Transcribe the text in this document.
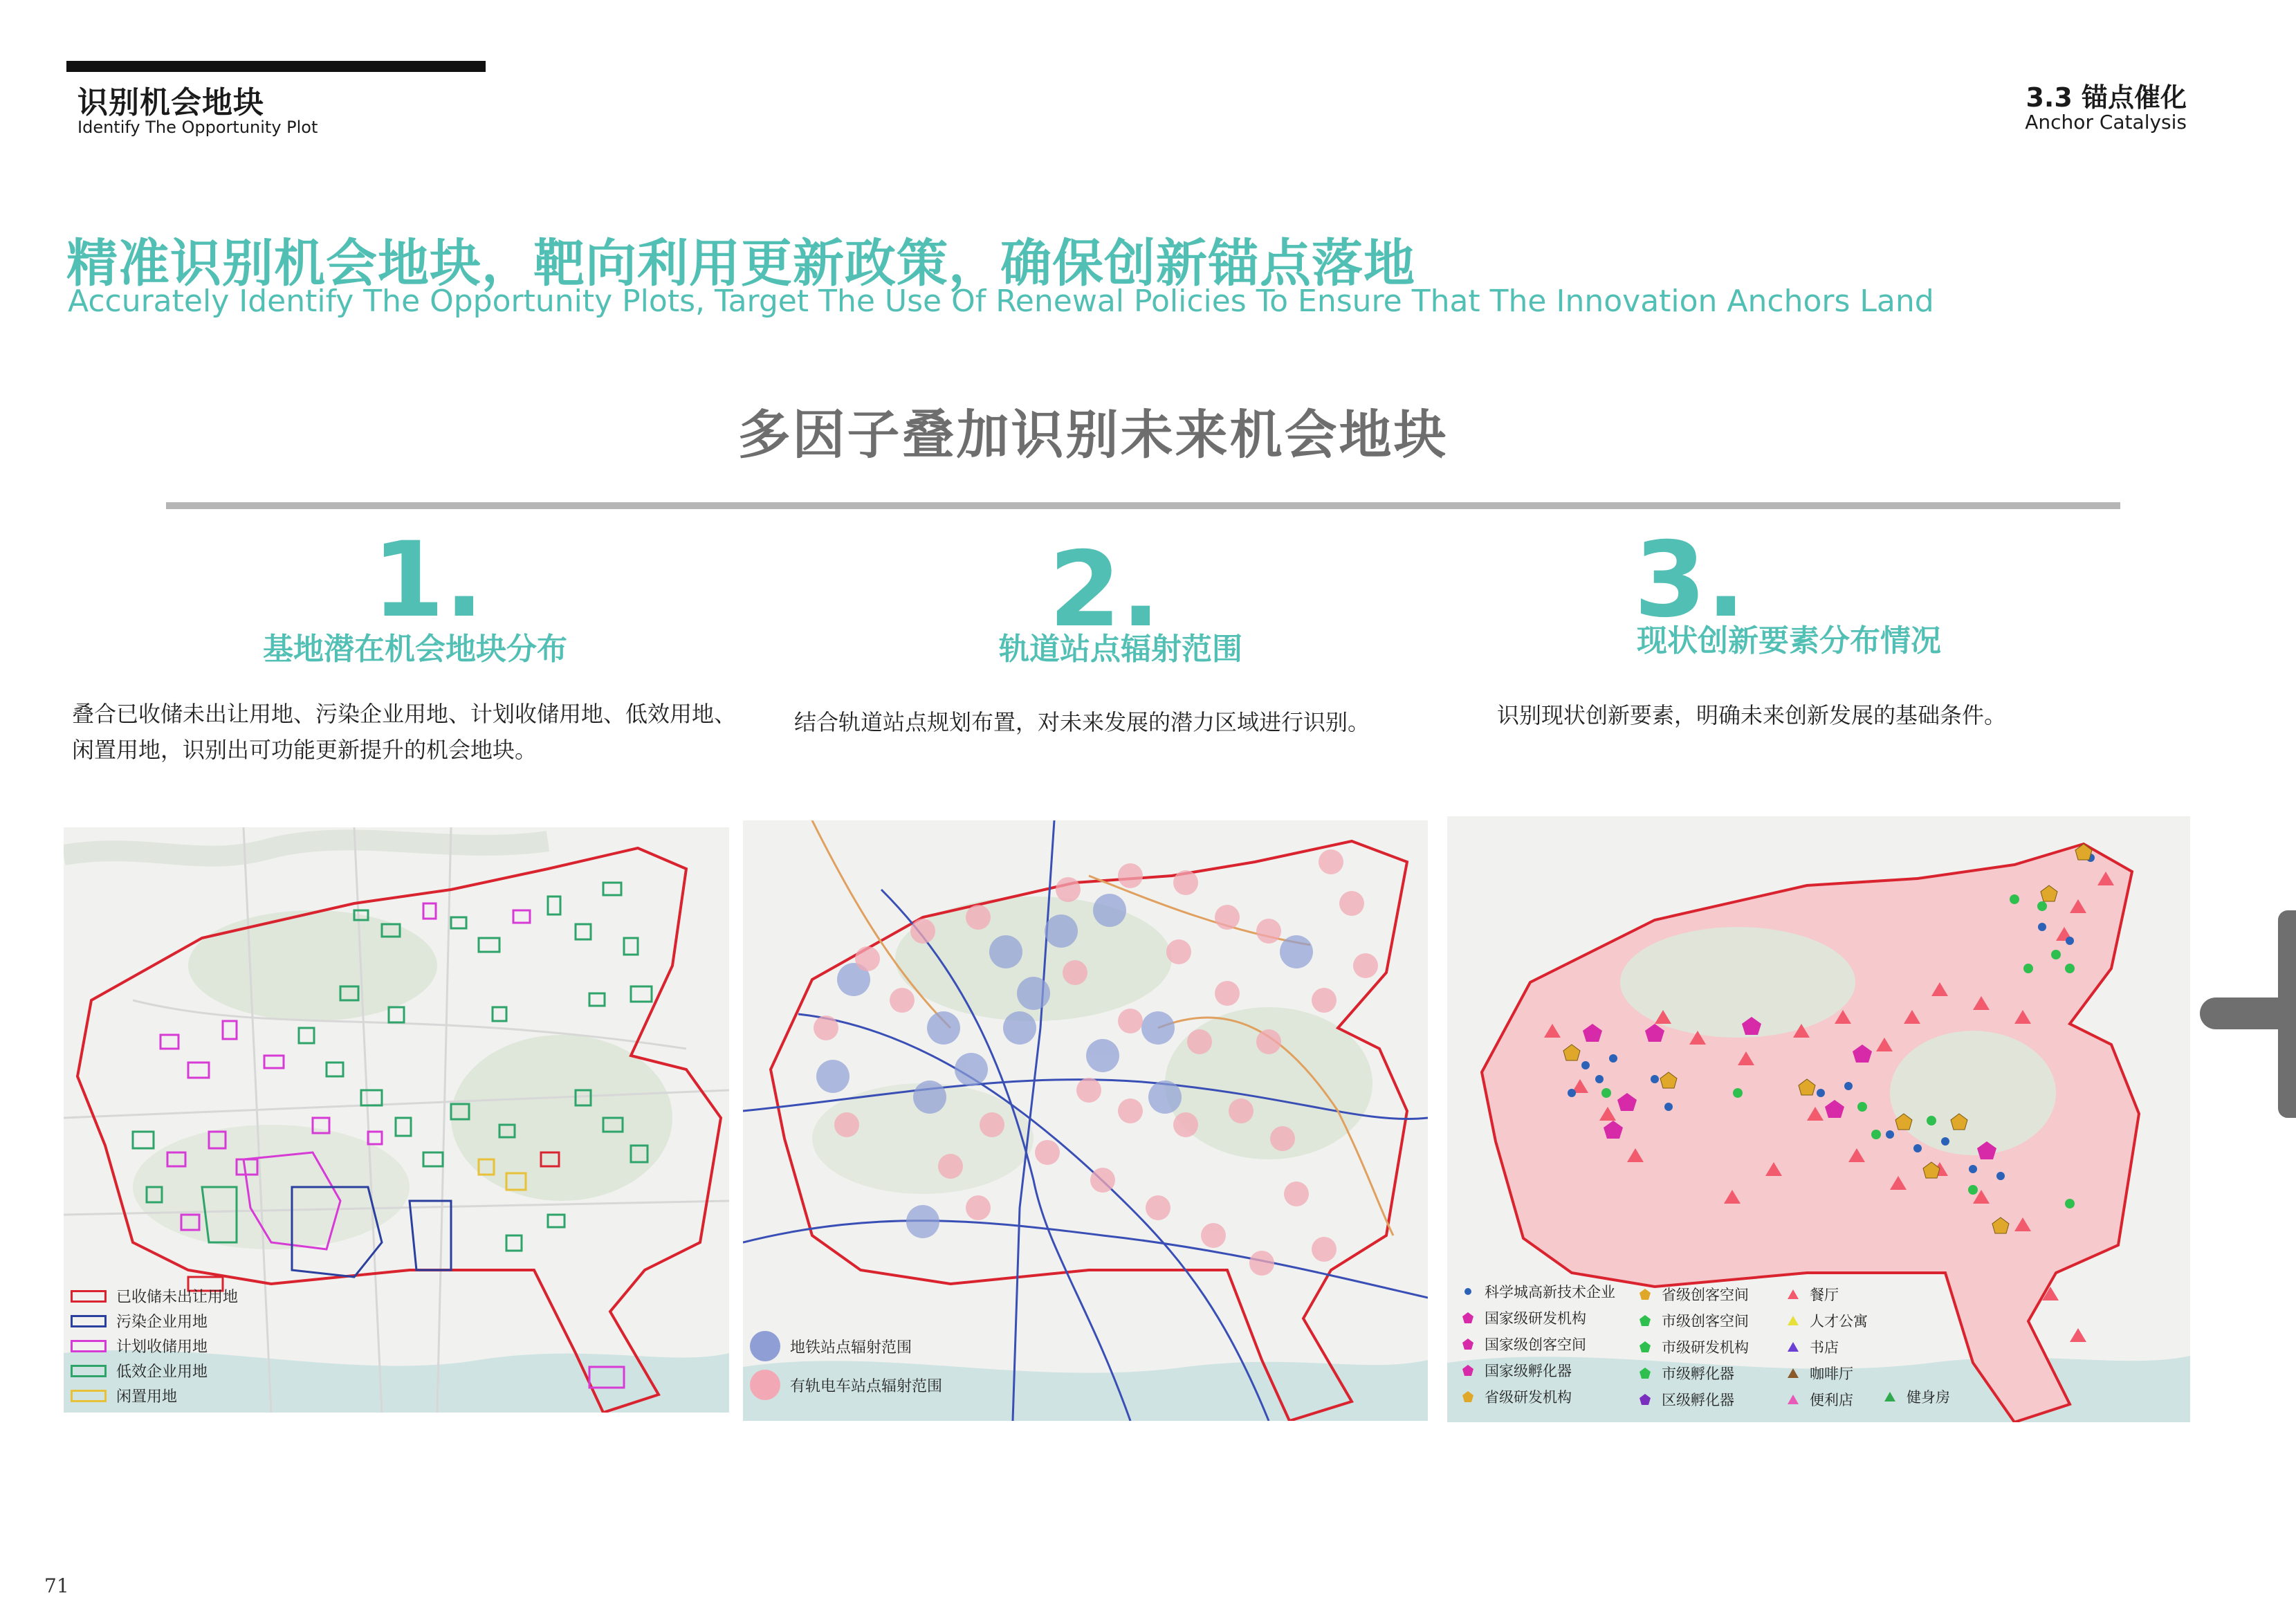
识别机会地块
Identify The Opportunity Plot
3.3 锚点催化
Anchor Catalysis
精准识别机会地块，靶向利用更新政策，确保创新锚点落地
Accurately Identify The Opportunity Plots, Target The Use Of Renewal Policies To Ensure That The Innovation Anchors Land
多因子叠加识别未来机会地块
1.
基地潜在机会地块分布
叠合已收储未出让用地、污染企业用地、计划收储用地、低效用地、
闲置用地，识别出可功能更新提升的机会地块。
2.
轨道站点辐射范围
结合轨道站点规划布置，对未来发展的潜力区域进行识别。
3.
现状创新要素分布情况
识别现状创新要素，明确未来创新发展的基础条件。
已收储未出让用地
污染企业用地
计划收储用地
低效企业用地
闲置用地
地铁站点辐射范围
有轨电车站点辐射范围
科学城高新技术企业
国家级研发机构
国家级创客空间
国家级孵化器
省级研发机构
省级创客空间
市级创客空间
市级研发机构
市级孵化器
区级孵化器
餐厅
人才公寓
书店
咖啡厅
便利店	健身房
71
